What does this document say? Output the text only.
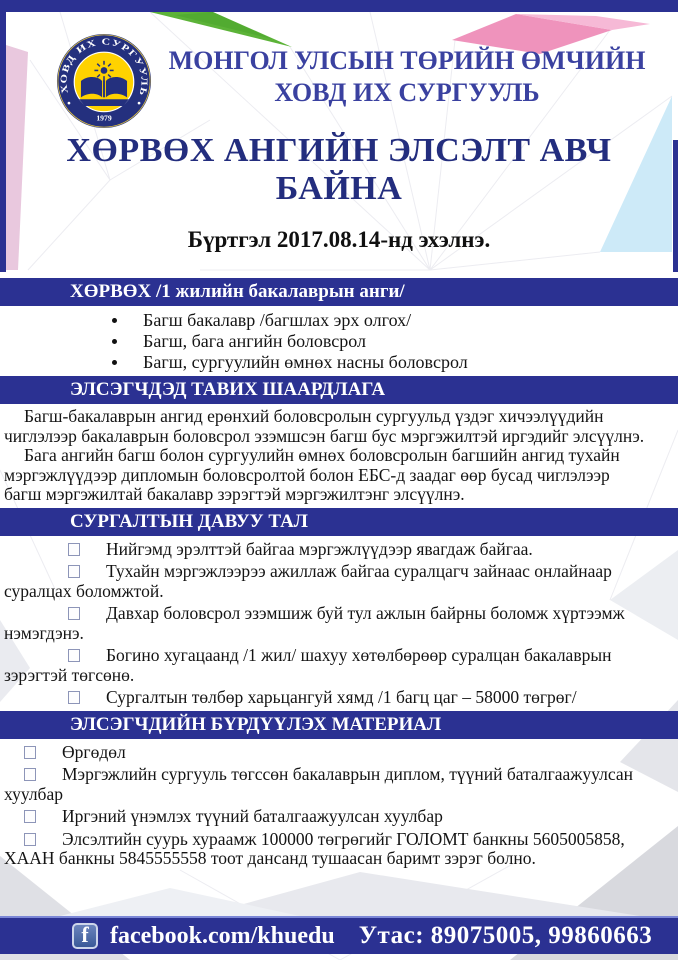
ХОВД ИХ СУРГУУЛЬ
1979
МОНГОЛ УЛСЫН ТӨРИЙН ӨМЧИЙН
ХОВД ИХ СУРГУУЛЬ
ХӨРВӨХ АНГИЙН ЭЛСЭЛТ АВЧ БАЙНА
Бүртгэл 2017.08.14-нд эхэлнэ.
ХӨРВӨХ /1 жилийн бакалаврын анги/
Багш бакалавр /багшлах эрх олгох/
Багш, бага ангийн боловсрол
Багш, сургуулийн өмнөх насны боловсрол
ЭЛСЭГЧДЭД ТАВИХ ШААРДЛАГА

Багш-бакалаврын ангид ерөнхий боловсролын сургуульд үздэг хичээлүүдийн чиглэлээр бакалаврын боловсрол эзэмшсэн багш бус мэргэжилтэй иргэдийг элсүүлнэ.

Бага ангийн багш болон сургуулийн өмнөх боловсролын багшийн ангид тухайн мэргэжлүүдээр дипломын боловсролтой болон ЕБС-д заадаг өөр бусад чиглэлээр багш мэргэжилтай бакалавр зэрэгтэй мэргэжилтэнг элсүүлнэ.

СУРГАЛТЫН ДАВУУ ТАЛ

Нийгэмд эрэлттэй байгаа мэргэжлүүдээр явагдаж байгаа.

Тухайн мэргэжлээрээ ажиллаж байгаа суралцагч зайнаас онлайнаар суралцах боломжтой.

Давхар боловсрол эзэмшиж буй тул ажлын байрны боломж хүртээмж нэмэгдэнэ.

Богино хугацаанд /1 жил/ шахуу хөтөлбөрөөр суралцан бакалаврын зэрэгтэй төгсөнө.

Сургалтын төлбөр харьцангуй хямд /1 багц цаг – 58000 төгрөг/

ЭЛСЭГЧДИЙН БҮРДҮҮЛЭХ МАТЕРИАЛ

Өргөдөл

Мэргэжлийн сургууль төгссөн бакалаврын диплом, түүний баталгаажуулсан хуулбар

Иргэний үнэмлэх түүний баталгаажуулсан хуулбар

Элсэлтийн суурь хураамж 100000 төгрөгийг ГОЛОМТ банкны 5605005858, ХААН банкны 5845555558 тоот дансанд тушаасан баримт зэрэг болно.

f facebook.com/khuedu Утас: 89075005, 99860663
